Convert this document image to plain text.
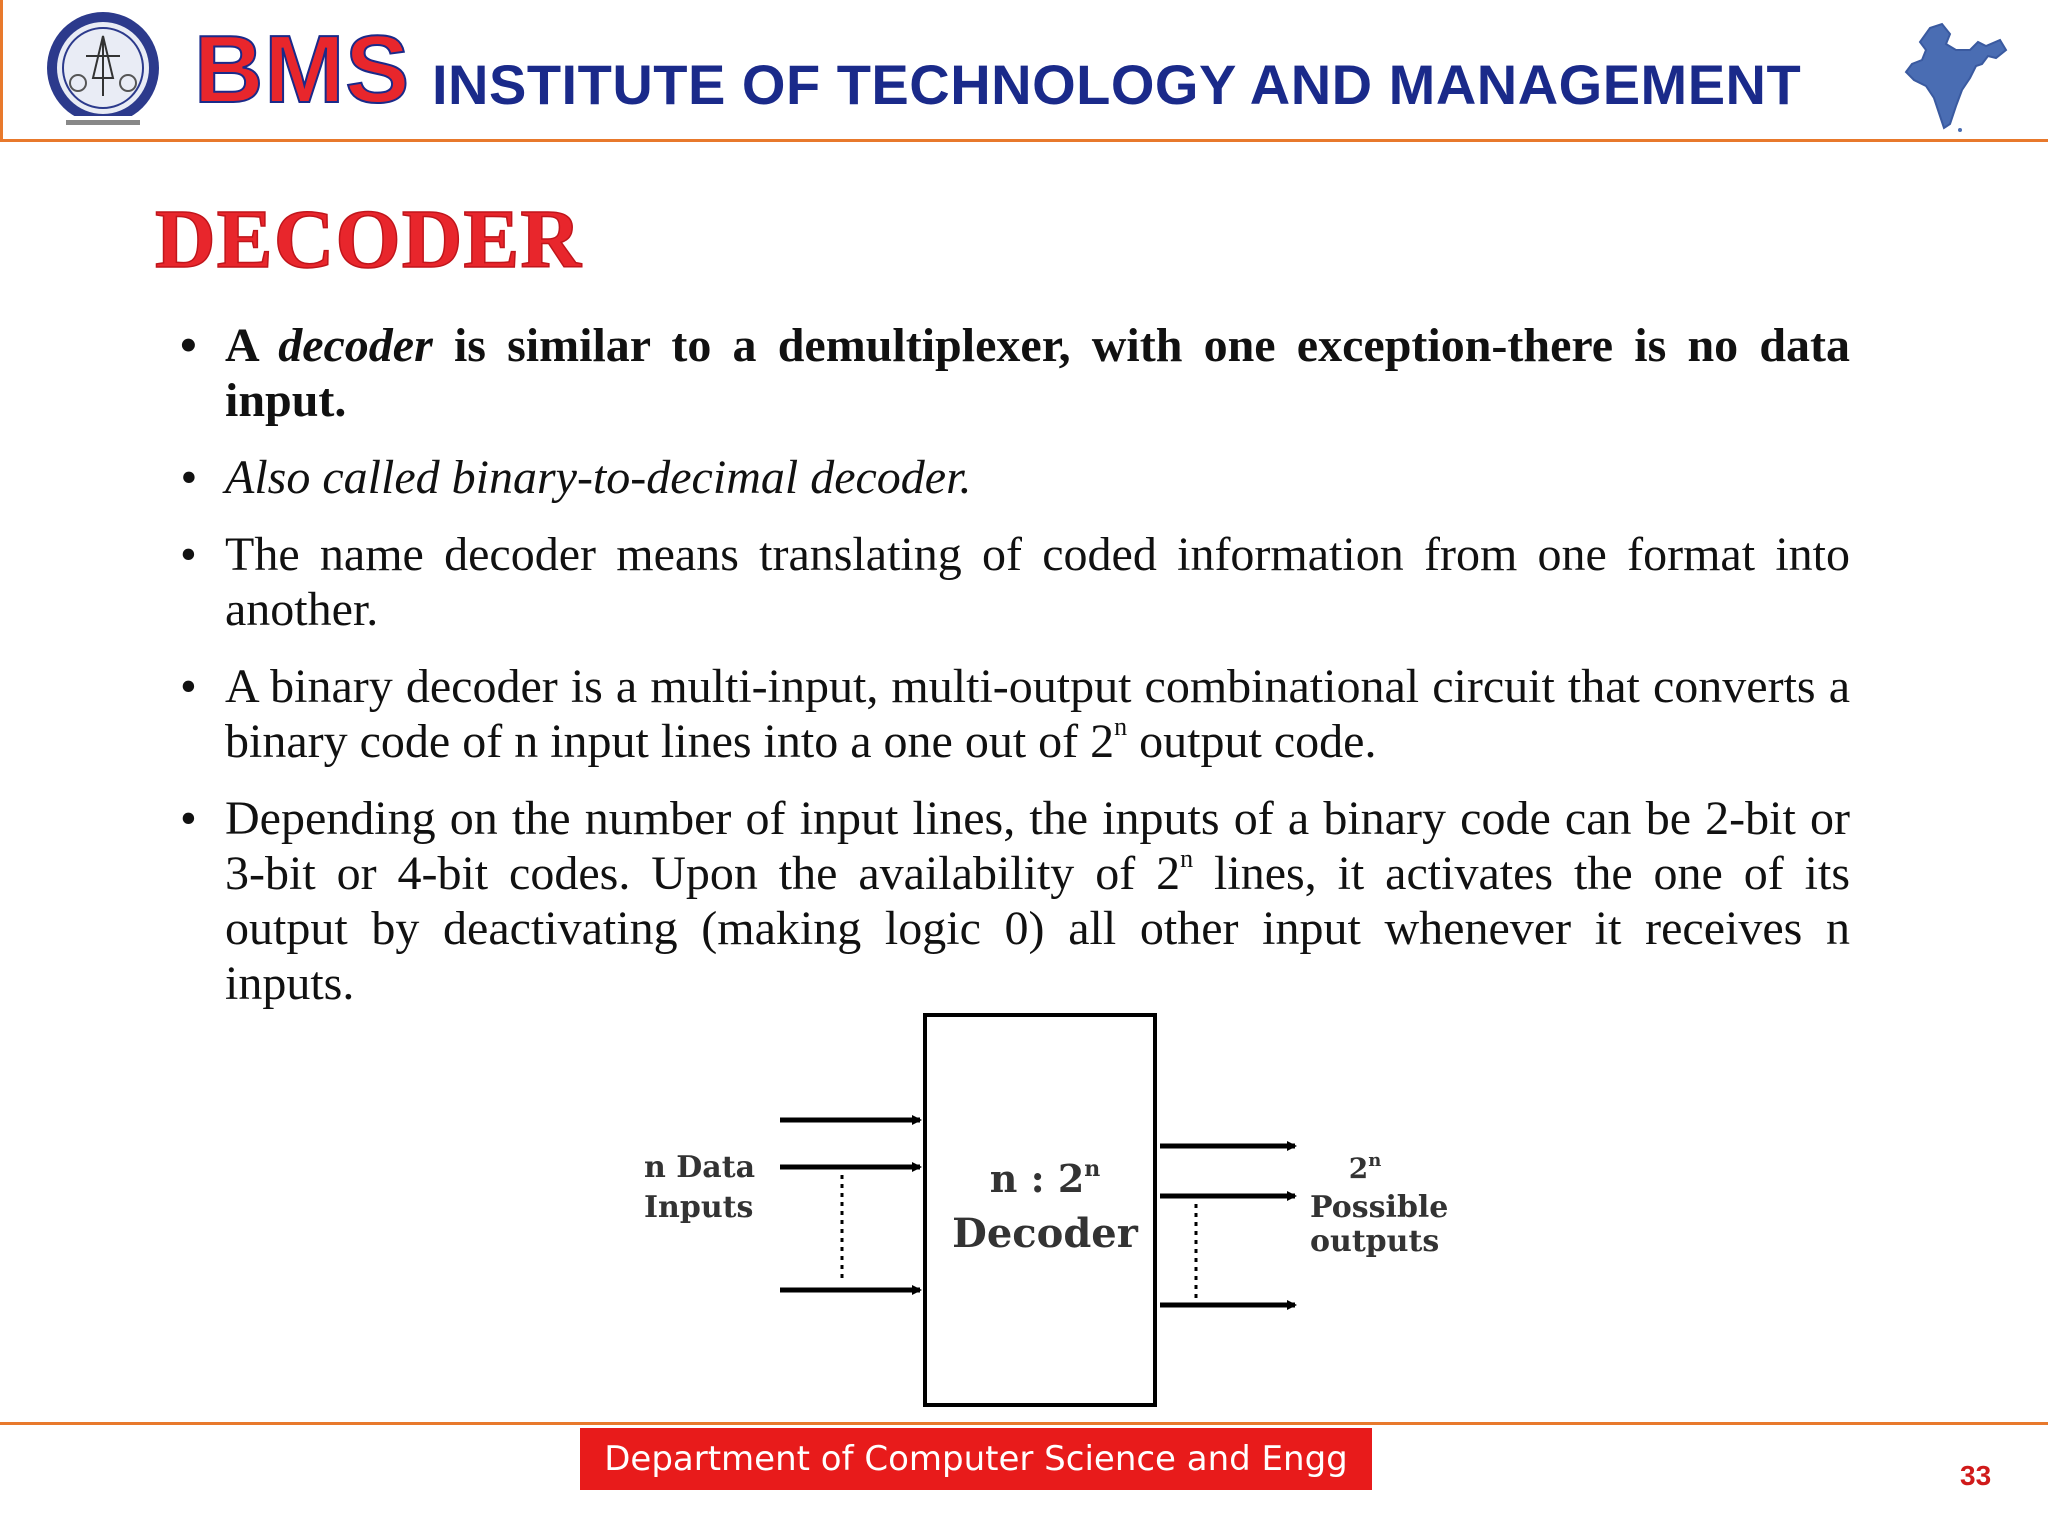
BMS INSTITUTE OF TECHNOLOGY AND MANAGEMENT
DECODER
• A decoder is similar to a demultiplexer, with one exception-there is no data input.
• Also called binary-to-decimal decoder.
• The name decoder means translating of coded information from one format into another.
• A binary decoder is a multi-input, multi-output combinational circuit that converts a binary code of n input lines into a one out of 2$^n$ output code.
• Depending on the number of input lines, the inputs of a binary code can be 2-bit or 3-bit or 4-bit codes. Upon the availability of 2$^n$ lines, it activates the one of its output by deactivating (making logic 0) all other input whenever it receives n inputs.
n Data
Inputs
n : 2$^n$
Decoder
2$^n$
Possible
outputs
Department of Computer Science and Engg	33
